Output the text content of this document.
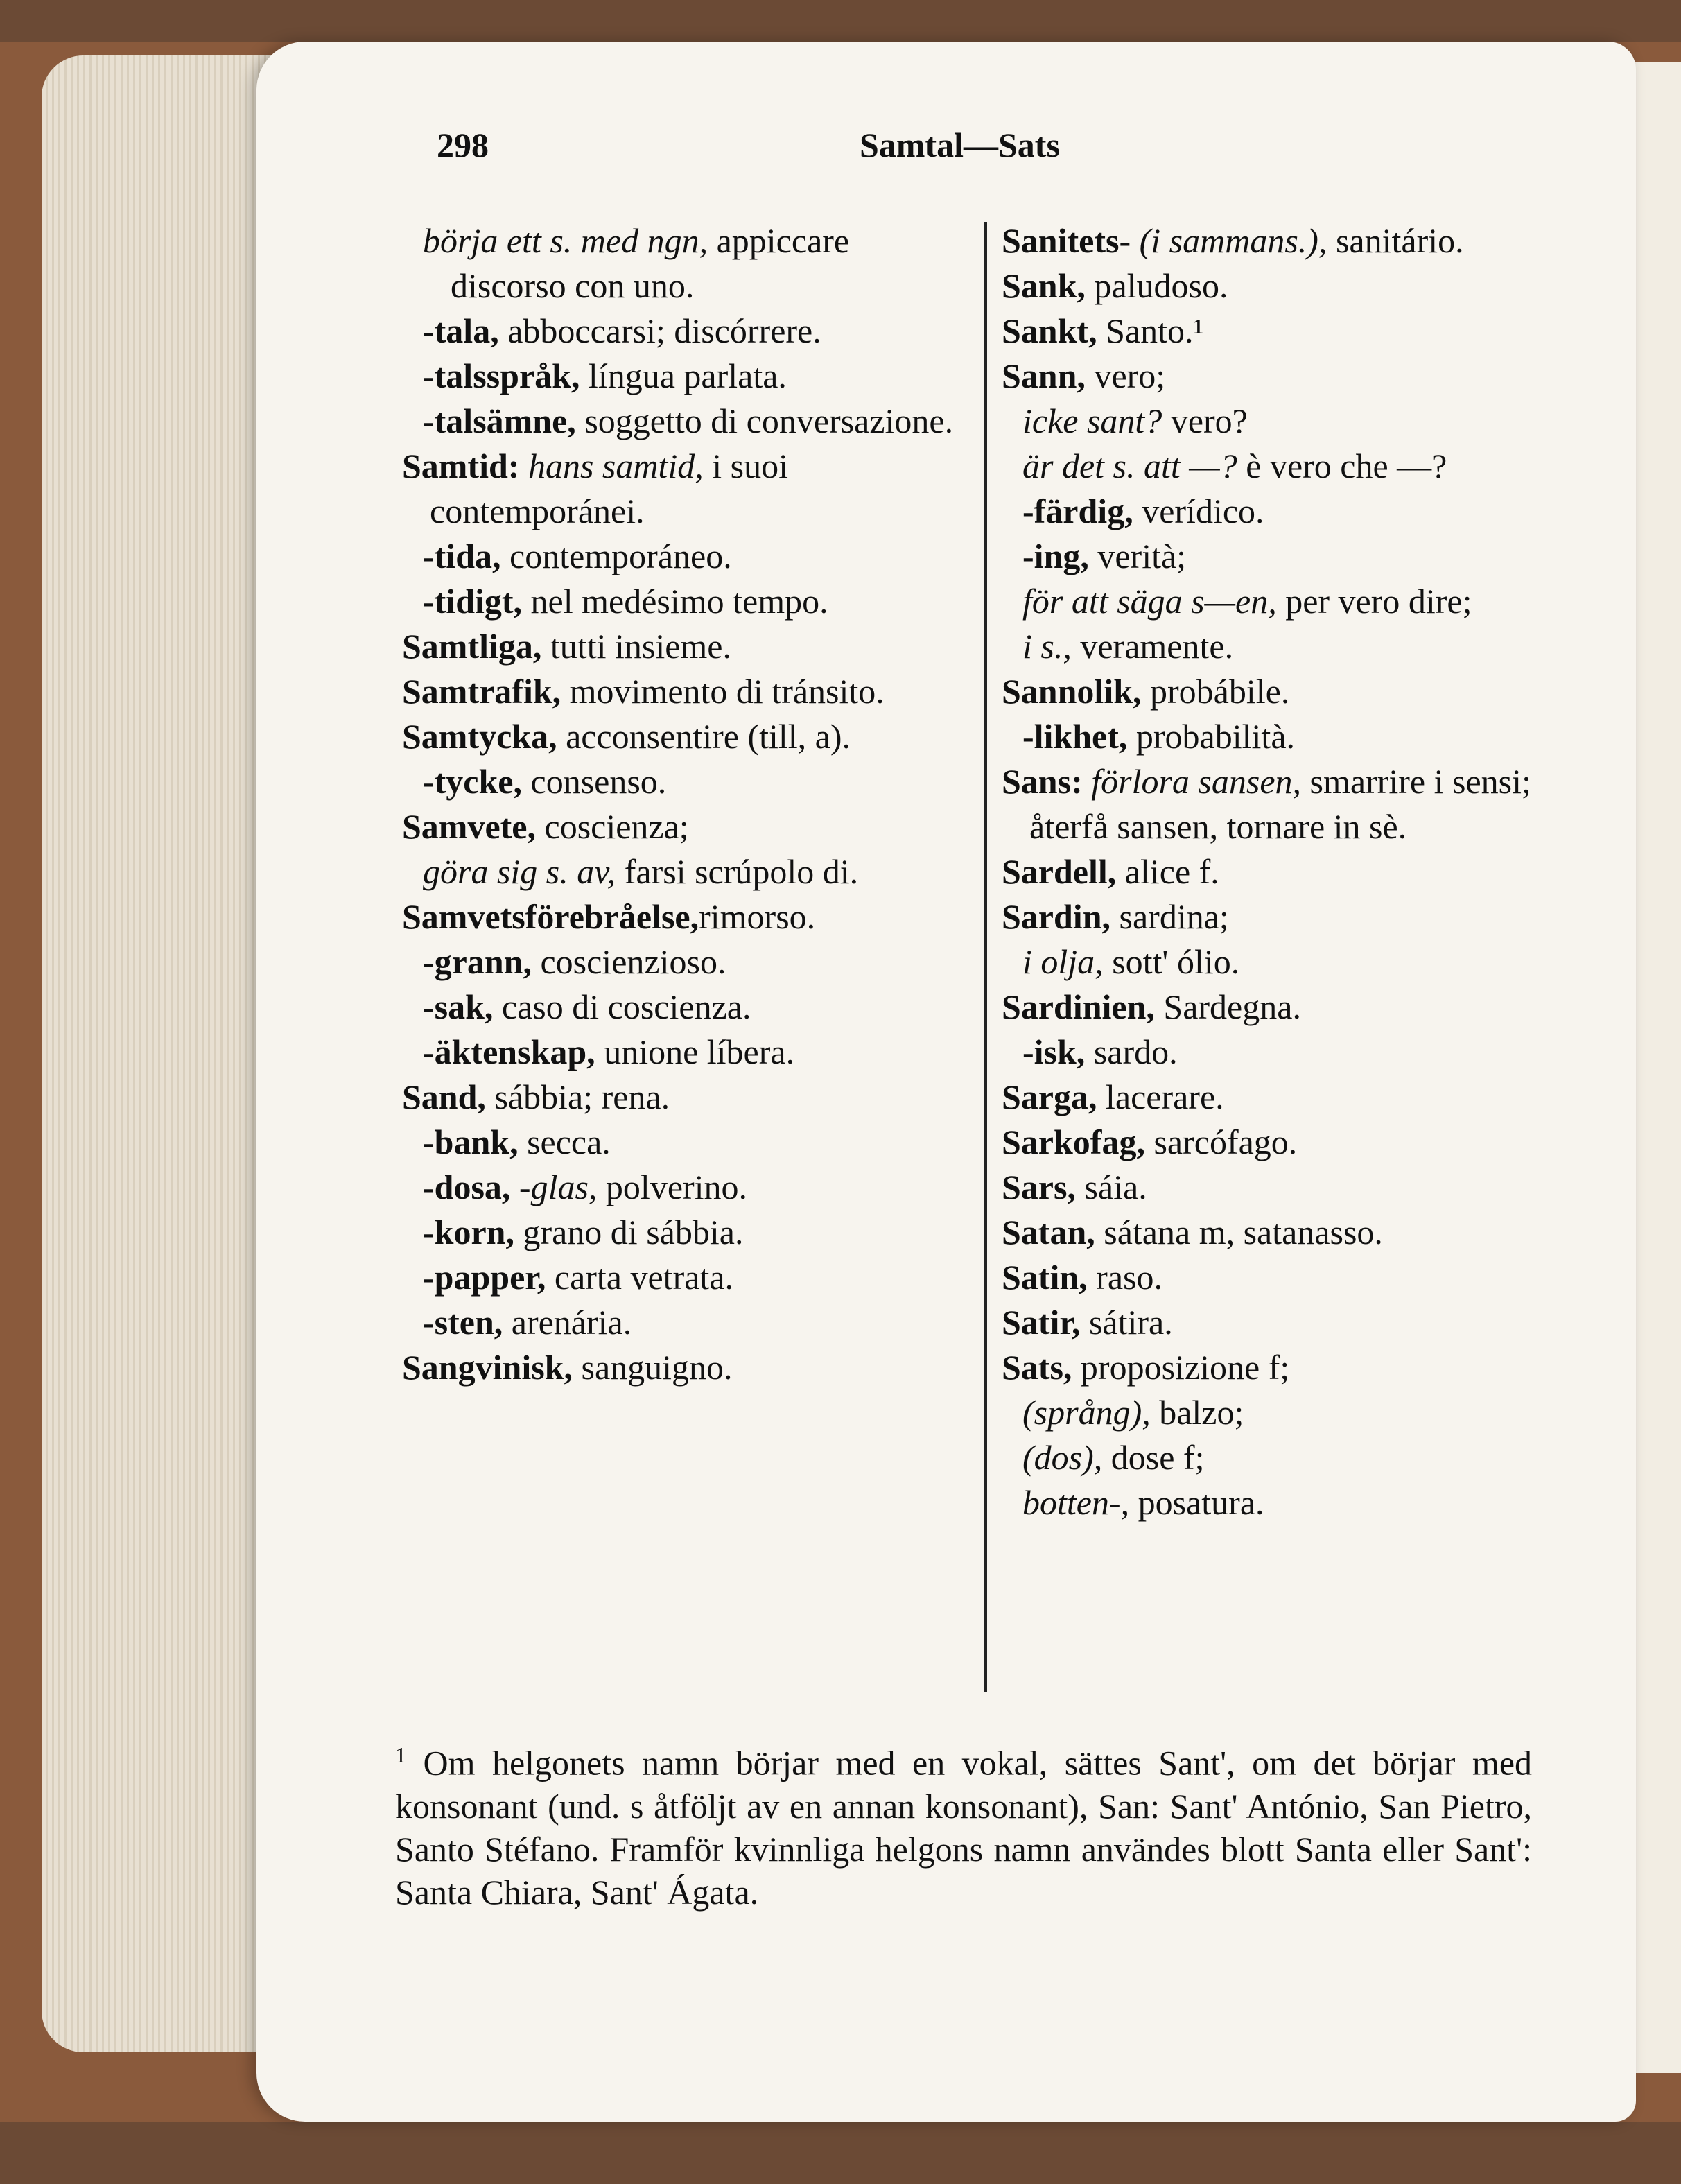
298	Samtal—Sats
börja ett s. med ngn, appiccare discorso con uno.
-tala, abboccarsi; discórrere.
-talsspråk, língua parlata.
-talsämne, soggetto di conversazione.
Samtid: hans samtid, i suoi contemporánei.
-tida, contemporáneo.
-tidigt, nel medésimo tempo.
Samtliga, tutti insieme.
Samtrafik, movimento di tránsito.
Samtycka, acconsentire (till, a).
-tycke, consenso.
Samvete, coscienza;
göra sig s. av, farsi scrúpolo di.
Samvetsförebråelse,rimorso.
-grann, coscienzioso.
-sak, caso di coscienza.
-äktenskap, unione líbera.
Sand, sábbia; rena.
-bank, secca.
-dosa, -glas, polverino.
-korn, grano di sábbia.
-papper, carta vetrata.
-sten, arenária.
Sangvinisk, sanguigno.
Sanitets- (i sammans.), sanitário.
Sank, paludoso.
Sankt, Santo.¹
Sann, vero;
icke sant? vero?
är det s. att —? è vero che —?
-färdig, verídico.
-ing, verità;
för att säga s—en, per vero dire;
i s., veramente.
Sannolik, probábile.
-likhet, probabilità.
Sans: förlora sansen, smarrire i sensi; återfå sansen, tornare in sè.
Sardell, alice f.
Sardin, sardina;
i olja, sott' ólio.
Sardinien, Sardegna.
-isk, sardo.
Sarga, lacerare.
Sarkofag, sarcófago.
Sars, sáia.
Satan, sátana m, satanasso.
Satin, raso.
Satir, sátira.
Sats, proposizione f;
(språng), balzo;
(dos), dose f;
botten-, posatura.
$^1$ Om helgonets namn börjar med en vokal, sättes Sant', om det börjar med konsonant (und. s åtföljt av en annan konsonant), San: Sant' António, San Pietro, Santo Stéfano. Framför kvinnliga helgons namn användes blott Santa eller Sant': Santa Chiara, Sant' Ágata.
